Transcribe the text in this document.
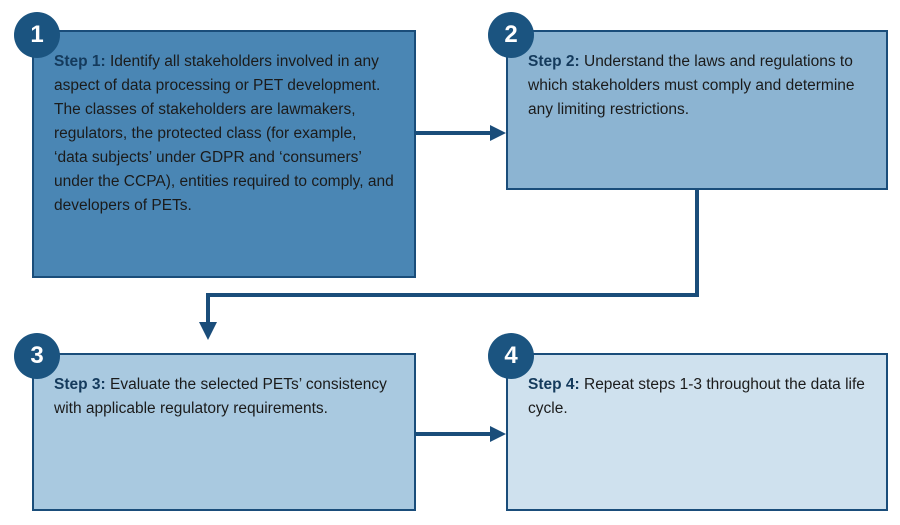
1
Step 1: Identify all stakeholders involved in any aspect of data processing or PET development. The classes of stakeholders are lawmakers, regulators, the protected class (for example, ‘data subjects’ under GDPR and ‘consumers’ under the CCPA), entities required to comply, and developers of PETs.
2
Step 2: Understand the laws and regulations to which stakeholders must comply and determine any limiting restrictions.
3
Step 3: Evaluate the selected PETs’ consistency with applicable regulatory requirements.
4
Step 4: Repeat steps 1-3 throughout the data life cycle.
